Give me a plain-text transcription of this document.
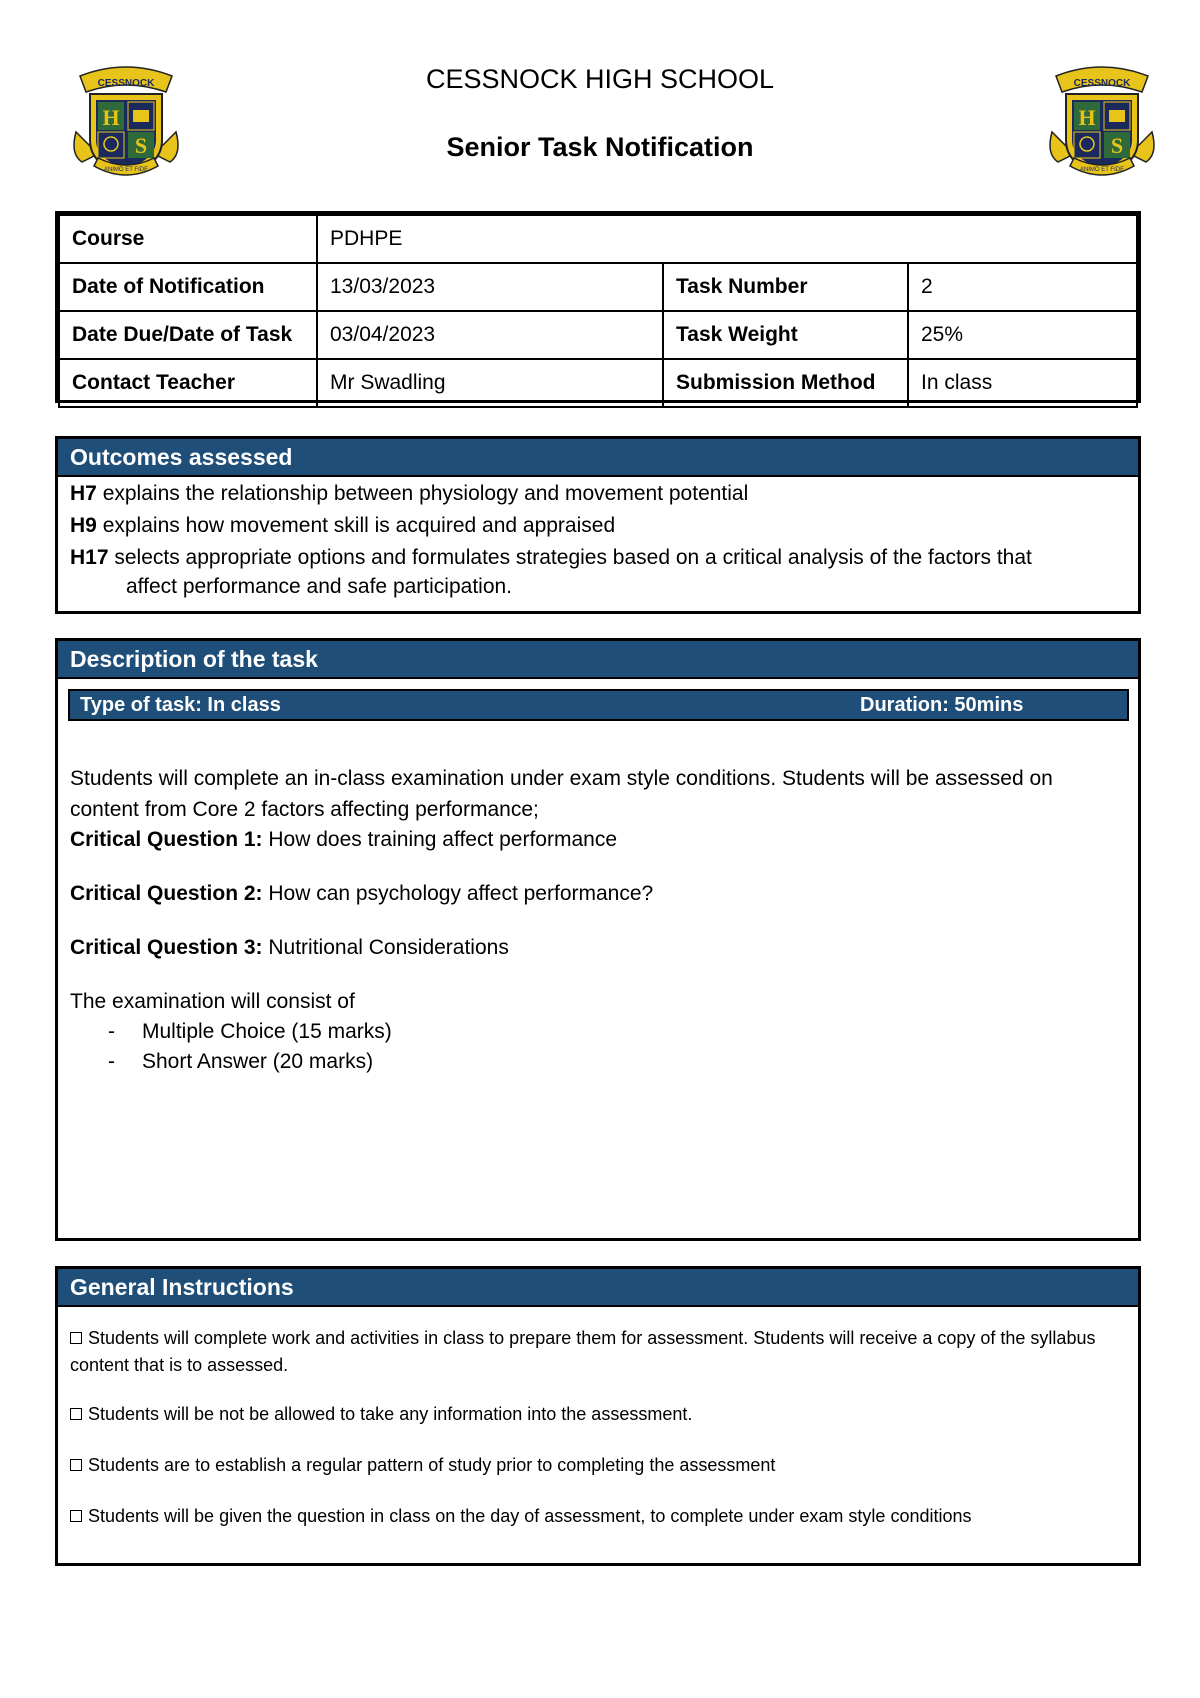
CESSNOCK
H
S
ANIMO ET FIDE
CESSNOCK
H
S
ANIMO ET FIDE
CESSNOCK HIGH SCHOOL
Senior Task Notification
Course	PDHPE		
Date of Notification	13/03/2023	Task Number	2
Date Due/Date of Task	03/04/2023	Task Weight	25%
Contact Teacher	Mr Swadling	Submission Method	In class
Outcomes assessed
H7 explains the relationship between physiology and movement potential
H9 explains how movement skill is acquired and appraised
H17 selects appropriate options and formulates strategies based on a critical analysis of the factors that
affect performance and safe participation.
Description of the task
Type of task: In class	Duration: 50mins

Students will complete an in-class examination under exam style conditions. Students will be assessed on content from Core 2 factors affecting performance;

Critical Question 1: How does training affect performance

Critical Question 2: How can psychology affect performance?

Critical Question 3: Nutritional Considerations

The examination will consist of

- Multiple Choice (15 marks)

- Short Answer (20 marks)

General Instructions
Students will complete work and activities in class to prepare them for assessment. Students will receive a copy of the syllabus content that is to assessed.
Students will be not be allowed to take any information into the assessment.
Students are to establish a regular pattern of study prior to completing the assessment
Students will be given the question in class on the day of assessment, to complete under exam style conditions
